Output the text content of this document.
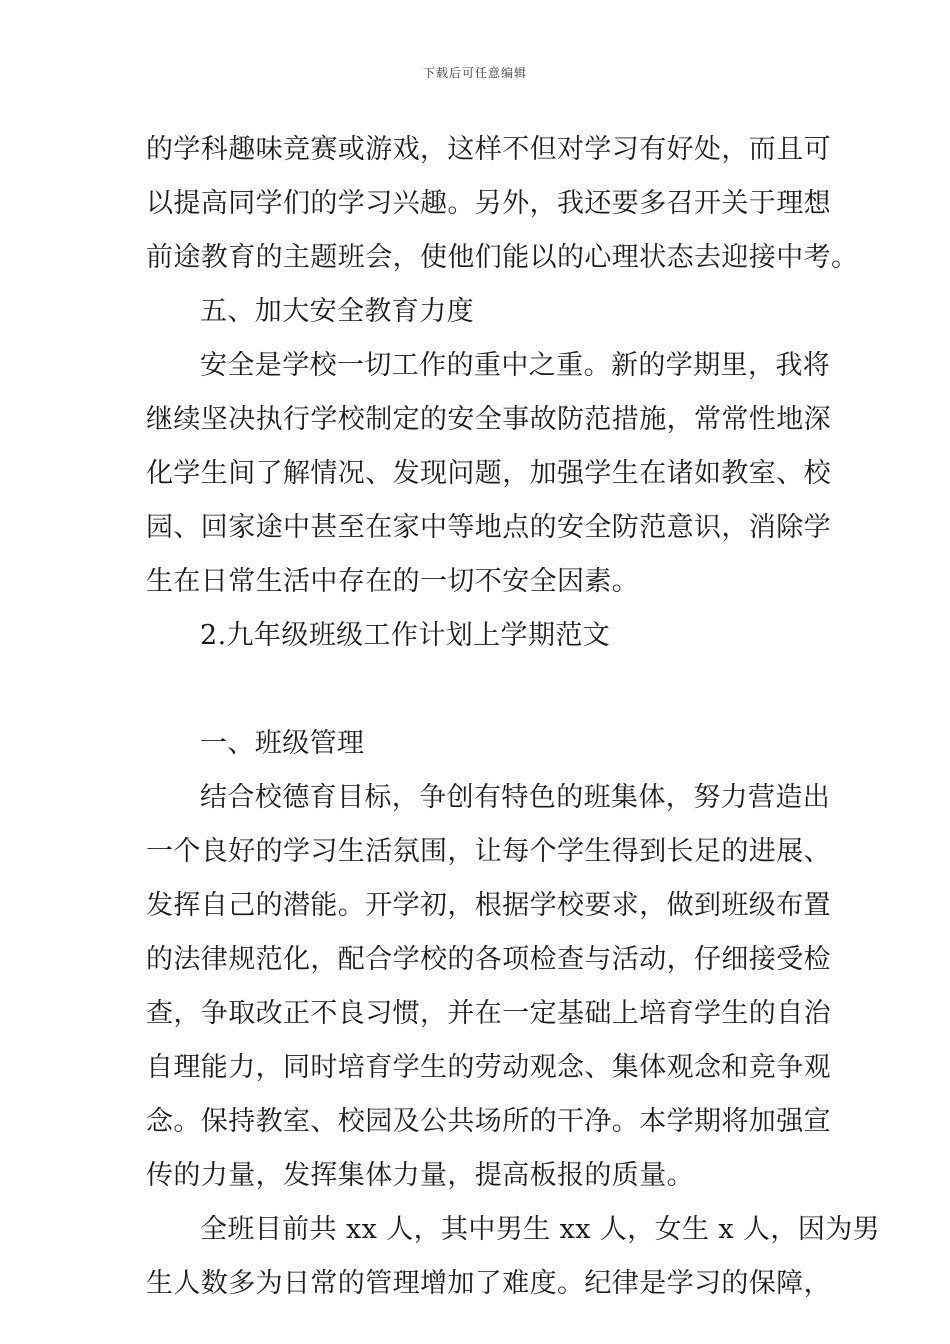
下载后可任意编辑
的学科趣味竞赛或游戏，这样不但对学习有好处，而且可
以提高同学们的学习兴趣。另外，我还要多召开关于理想
前途教育的主题班会，使他们能以的心理状态去迎接中考。
五、加大安全教育力度
安全是学校一切工作的重中之重。新的学期里，我将
继续坚决执行学校制定的安全事故防范措施，常常性地深
化学生间了解情况、发现问题，加强学生在诸如教室、校
园、回家途中甚至在家中等地点的安全防范意识，消除学
生在日常生活中存在的一切不安全因素。
2.九年级班级工作计划上学期范文
一、班级管理
结合校德育目标，争创有特色的班集体，努力营造出
一个良好的学习生活氛围，让每个学生得到长足的进展、
发挥自己的潜能。开学初，根据学校要求，做到班级布置
的法律规范化，配合学校的各项检查与活动，仔细接受检
查，争取改正不良习惯，并在一定基础上培育学生的自治
自理能力，同时培育学生的劳动观念、集体观念和竞争观
念。保持教室、校园及公共场所的干净。本学期将加强宣
传的力量，发挥集体力量，提高板报的质量。
全班目前共 xx 人，其中男生 xx 人，女生 x 人，因为男
生人数多为日常的管理增加了难度。纪律是学习的保障，
